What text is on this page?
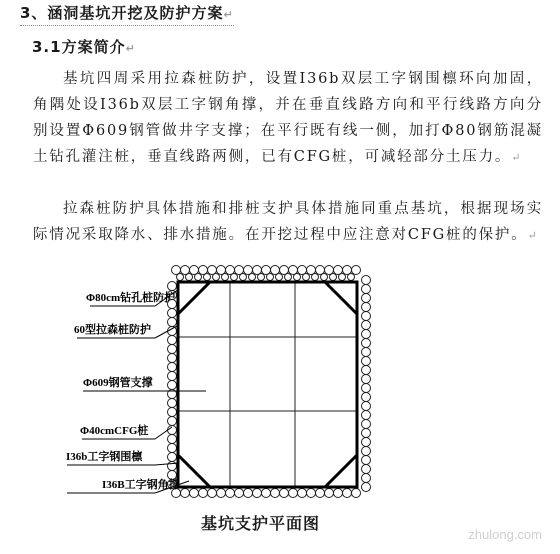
3、涵洞基坑开挖及防护方案↵
3.1方案简介↵
基坑四周采用拉森桩防护，设置I36b双层工字钢围檩环向加固，角隅处设I36b双层工字钢角撑，并在垂直线路方向和平行线路方向分别设置Φ609钢管做井字支撑；在平行既有线一侧，加打Φ80钢筋混凝土钻孔灌注桩，垂直线路两侧，已有CFG桩，可减轻部分土压力。↵
拉森桩防护具体措施和排桩支护具体措施同重点基坑，根据现场实际情况采取降水、排水措施。在开挖过程中应注意对CFG桩的保护。↵
Φ80cm钻孔桩防护
60型拉森桩防护
Φ609钢管支撑
Φ40cmCFG桩
I36b工字钢围檩
I36B工字钢角撑
基坑支护平面图
zhulong.com
